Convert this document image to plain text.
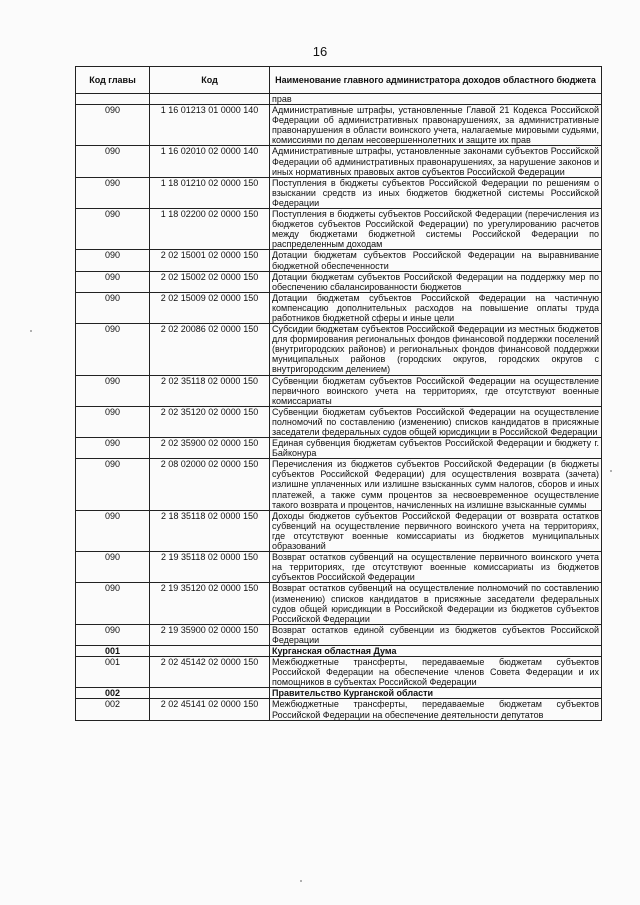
16
Код главы	Код	Наименование главного администратора доходов областного бюджета
		прав
090	1 16 01213 01 0000 140	Административные штрафы, установленные Главой 21 Кодекса Российской Федерации об административных правонарушениях, за административные правонарушения в области воинского учета, налагаемые мировыми судьями, комиссиями по делам несовершеннолетних и защите их прав
090	1 16 02010 02 0000 140	Административные штрафы, установленные законами субъектов Российской Федерации об административных правонарушениях, за нарушение законов и иных нормативных правовых актов субъектов Российской Федерации
090	1 18 01210 02 0000 150	Поступления в бюджеты субъектов Российской Федерации по решениям о взыскании средств из иных бюджетов бюджетной системы Российской Федерации
090	1 18 02200 02 0000 150	Поступления в бюджеты субъектов Российской Федерации (перечисления из бюджетов субъектов Российской Федерации) по урегулированию расчетов между бюджетами бюджетной системы Российской Федерации по распределенным доходам
090	2 02 15001 02 0000 150	Дотации бюджетам субъектов Российской Федерации на выравнивание бюджетной обеспеченности
090	2 02 15002 02 0000 150	Дотации бюджетам субъектов Российской Федерации на поддержку мер по обеспечению сбалансированности бюджетов
090	2 02 15009 02 0000 150	Дотации бюджетам субъектов Российской Федерации на частичную компенсацию дополнительных расходов на повышение оплаты труда работников бюджетной сферы и иные цели
090	2 02 20086 02 0000 150	Субсидии бюджетам субъектов Российской Федерации из местных бюджетов для формирования региональных фондов финансовой поддержки поселений (внутригородских районов) и региональных фондов финансовой поддержки муниципальных районов (городских округов, городских округов с внутригородским делением)
090	2 02 35118 02 0000 150	Субвенции бюджетам субъектов Российской Федерации на осуществление первичного воинского учета на территориях, где отсутствуют военные комиссариаты
090	2 02 35120 02 0000 150	Субвенции бюджетам субъектов Российской Федерации на осуществление полномочий по составлению (изменению) списков кандидатов в присяжные заседатели федеральных судов общей юрисдикции в Российской Федерации
090	2 02 35900 02 0000 150	Единая субвенция бюджетам субъектов Российской Федерации и бюджету г. Байконура
090	2 08 02000 02 0000 150	Перечисления из бюджетов субъектов Российской Федерации (в бюджеты субъектов Российской Федерации) для осуществления возврата (зачета) излишне уплаченных или излишне взысканных сумм налогов, сборов и иных платежей, а также сумм процентов за несвоевременное осуществление такого возврата и процентов, начисленных на излишне взысканные суммы
090	2 18 35118 02 0000 150	Доходы бюджетов субъектов Российской Федерации от возврата остатков субвенций на осуществление первичного воинского учета на территориях, где отсутствуют военные комиссариаты из бюджетов муниципальных образований
090	2 19 35118 02 0000 150	Возврат остатков субвенций на осуществление первичного воинского учета на территориях, где отсутствуют военные комиссариаты из бюджетов субъектов Российской Федерации
090	2 19 35120 02 0000 150	Возврат остатков субвенций на осуществление полномочий по составлению (изменению) списков кандидатов в присяжные заседатели федеральных судов общей юрисдикции в Российской Федерации из бюджетов субъектов Российской Федерации
090	2 19 35900 02 0000 150	Возврат остатков единой субвенции из бюджетов субъектов Российской Федерации
001		Курганская областная Дума
001	2 02 45142 02 0000 150	Межбюджетные трансферты, передаваемые бюджетам субъектов Российской Федерации на обеспечение членов Совета Федерации и их помощников в субъектах Российской Федерации
002		Правительство Курганской области
002	2 02 45141 02 0000 150	Межбюджетные трансферты, передаваемые бюджетам субъектов Российской Федерации на обеспечение деятельности депутатов
